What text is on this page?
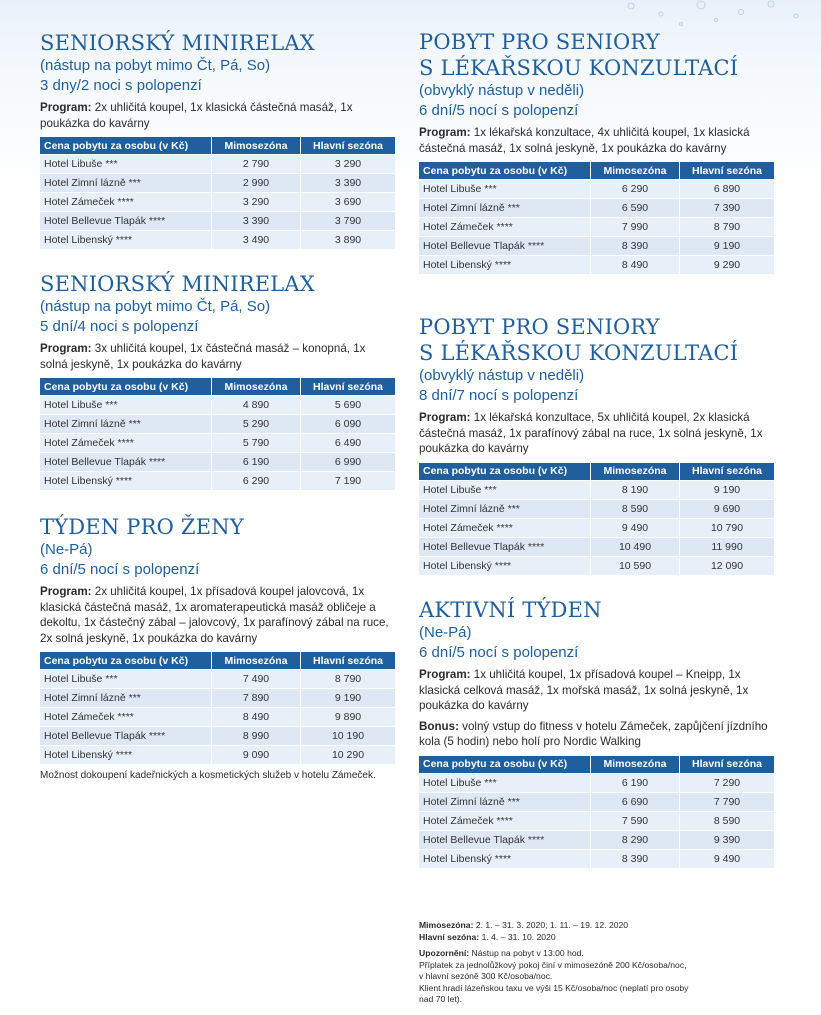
SENIORSKÝ MINIRELAX
(nástup na pobyt mimo Čt, Pá, So)
3 dny/2 noci s polopenzí
Program: 2x uhličitá koupel, 1x klasická částečná masáž, 1x poukázka do kavárny
Cena pobytu za osobu (v Kč)	Mimosezóna	Hlavní sezóna
Hotel Libuše ***	2 790	3 290
Hotel Zimní lázně ***	2 990	3 390
Hotel Zámeček ****	3 290	3 690
Hotel Bellevue Tlapák ****	3 390	3 790
Hotel Libenský ****	3 490	3 890
SENIORSKÝ MINIRELAX
(nástup na pobyt mimo Čt, Pá, So)
5 dní/4 noci s polopenzí
Program: 3x uhličitá koupel, 1x částečná masáž – konopná, 1x solná jeskyně, 1x poukázka do kavárny
Cena pobytu za osobu (v Kč)	Mimosezóna	Hlavní sezóna
Hotel Libuše ***	4 890	5 690
Hotel Zimní lázně ***	5 290	6 090
Hotel Zámeček ****	5 790	6 490
Hotel Bellevue Tlapák ****	6 190	6 990
Hotel Libenský ****	6 290	7 190
TÝDEN PRO ŽENY
(Ne-Pá)
6 dní/5 nocí s polopenzí
Program: 2x uhličitá koupel, 1x přísadová koupel jalovcová, 1x klasická částečná masáž, 1x aromaterapeutická masáž obličeje a dekoltu, 1x částečný zábal – jalovcový, 1x parafínový zábal na ruce, 2x solná jeskyně, 1x poukázka do kavárny
Cena pobytu za osobu (v Kč)	Mimosezóna	Hlavní sezóna
Hotel Libuše ***	7 490	8 790
Hotel Zimní lázně ***	7 890	9 190
Hotel Zámeček ****	8 490	9 890
Hotel Bellevue Tlapák ****	8 990	10 190
Hotel Libenský ****	9 090	10 290
Možnost dokoupení kadeřnických a kosmetických služeb v hotelu Zámeček.
POBYT PRO SENIORY
S LÉKAŘSKOU KONZULTACÍ
(obvyklý nástup v neděli)
6 dní/5 nocí s polopenzí
Program: 1x lékařská konzultace, 4x uhličitá koupel, 1x klasická částečná masáž, 1x solná jeskyně, 1x poukázka do kavárny
Cena pobytu za osobu (v Kč)	Mimosezóna	Hlavní sezóna
Hotel Libuše ***	6 290	6 890
Hotel Zimní lázně ***	6 590	7 390
Hotel Zámeček ****	7 990	8 790
Hotel Bellevue Tlapák ****	8 390	9 190
Hotel Libenský ****	8 490	9 290
POBYT PRO SENIORY
S LÉKAŘSKOU KONZULTACÍ
(obvyklý nástup v neděli)
8 dní/7 nocí s polopenzí
Program: 1x lékařská konzultace, 5x uhličitá koupel, 2x klasická částečná masáž, 1x parafínový zábal na ruce, 1x solná jeskyně, 1x poukázka do kavárny
Cena pobytu za osobu (v Kč)	Mimosezóna	Hlavní sezóna
Hotel Libuše ***	8 190	9 190
Hotel Zimní lázně ***	8 590	9 690
Hotel Zámeček ****	9 490	10 790
Hotel Bellevue Tlapák ****	10 490	11 990
Hotel Libenský ****	10 590	12 090
AKTIVNÍ TÝDEN
(Ne-Pá)
6 dní/5 nocí s polopenzí
Program: 1x uhličitá koupel, 1x přísadová koupel – Kneipp, 1x klasická celková masáž, 1x mořská masáž, 1x solná jeskyně, 1x poukázka do kavárny
Bonus: volný vstup do fitness v hotelu Zámeček, zapůjčení jízdního kola (5 hodin) nebo holí pro Nordic Walking
Cena pobytu za osobu (v Kč)	Mimosezóna	Hlavní sezóna
Hotel Libuše ***	6 190	7 290
Hotel Zimní lázně ***	6 690	7 790
Hotel Zámeček ****	7 590	8 590
Hotel Bellevue Tlapák ****	8 290	9 390
Hotel Libenský ****	8 390	9 490
Mimosezóna: 2. 1. – 31. 3. 2020; 1. 11. – 19. 12. 2020
Hlavní sezóna: 1. 4. – 31. 10. 2020
Upozornění: Nástup na pobyt v 13:00 hod.
Příplatek za jednolůžkový pokoj činí v mimosezóně 200 Kč/osoba/noc,
v hlavní sezóně 300 Kč/osoba/noc.
Klient hradí lázeňskou taxu ve výši 15 Kč/osoba/noc (neplatí pro osoby
nad 70 let).
